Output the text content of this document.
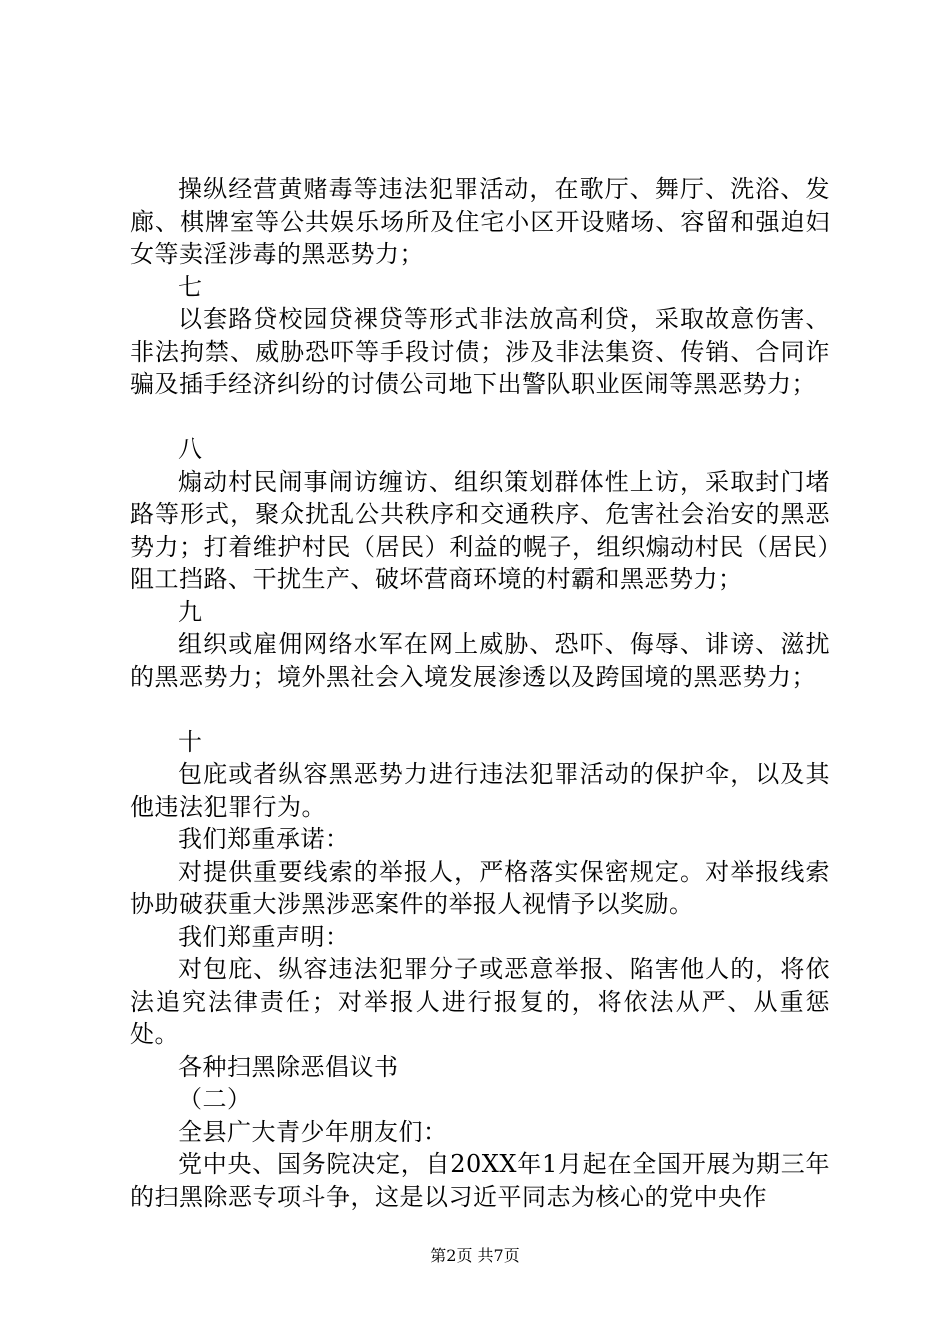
操纵经营黄赌毒等违法犯罪活动，在歌厅、舞厅、洗浴、发廊、棋牌室等公共娱乐场所及住宅小区开设赌场、容留和强迫妇女等卖淫涉毒的黑恶势力；

七

以套路贷校园贷裸贷等形式非法放高利贷，采取故意伤害、非法拘禁、威胁恐吓等手段讨债；涉及非法集资、传销、合同诈骗及插手经济纠纷的讨债公司地下出警队职业医闹等黑恶势力；

八

煽动村民闹事闹访缠访、组织策划群体性上访，采取封门堵路等形式，聚众扰乱公共秩序和交通秩序、危害社会治安的黑恶势力；打着维护村民（居民）利益的幌子，组织煽动村民（居民）阻工挡路、干扰生产、破坏营商环境的村霸和黑恶势力；

九

组织或雇佣网络水军在网上威胁、恐吓、侮辱、诽谤、滋扰的黑恶势力；境外黑社会入境发展渗透以及跨国境的黑恶势力；

十

包庇或者纵容黑恶势力进行违法犯罪活动的保护伞，以及其他违法犯罪行为。

我们郑重承诺：

对提供重要线索的举报人，严格落实保密规定。对举报线索协助破获重大涉黑涉恶案件的举报人视情予以奖励。

我们郑重声明：

对包庇、纵容违法犯罪分子或恶意举报、陷害他人的，将依法追究法律责任；对举报人进行报复的，将依法从严、从重惩处。

各种扫黑除恶倡议书

（二）

全县广大青少年朋友们：

党中央、国务院决定，自20XX年1月起在全国开展为期三年的扫黑除恶专项斗争，这是以习近平同志为核心的党中央作

第2页 共7页
